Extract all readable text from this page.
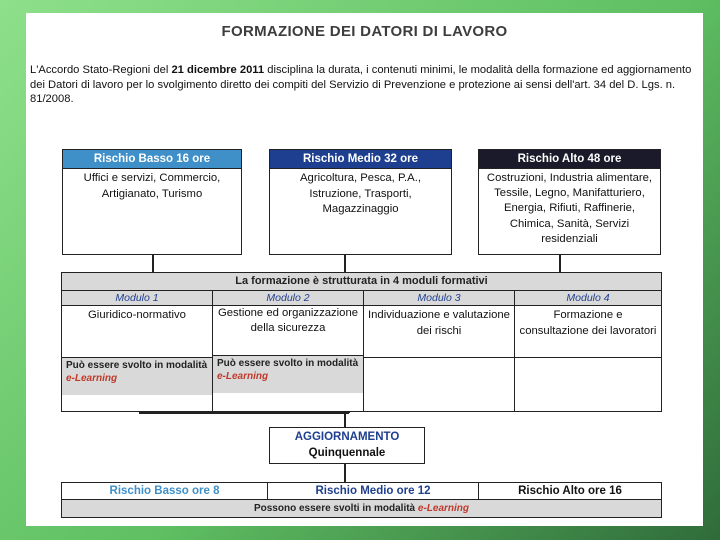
FORMAZIONE DEI DATORI DI LAVORO
L'Accordo Stato-Regioni del 21 dicembre 2011 disciplina la durata, i contenuti minimi, le modalità della formazione ed aggiornamento dei Datori di lavoro per lo svolgimento diretto dei compiti del Servizio di Prevenzione e protezione ai sensi dell'art. 34 del D. Lgs. n. 81/2008.
Rischio Basso 16 ore
Uffici e servizi, Commercio, Artigianato, Turismo
Rischio Medio 32 ore
Agricoltura, Pesca, P.A., Istruzione, Trasporti, Magazzinaggio
Rischio Alto 48 ore
Costruzioni, Industria alimentare, Tessile, Legno, Manifatturiero, Energia, Rifiuti, Raffinerie, Chimica, Sanità, Servizi residenziali
La formazione è strutturata in 4 moduli formativi
Modulo 1
Giuridico-normativo
Può essere svolto in modalità e-Learning
Modulo 2
Gestione ed organizzazione della sicurezza
Può essere svolto in modalità e-Learning
Modulo 3
Individuazione e valutazione dei rischi
Modulo 4
Formazione e consultazione dei lavoratori
AGGIORNAMENTO
Quinquennale
Rischio Basso ore 8	Rischio Medio ore 12	Rischio Alto ore 16
Possono essere svolti in modalità e-Learning
